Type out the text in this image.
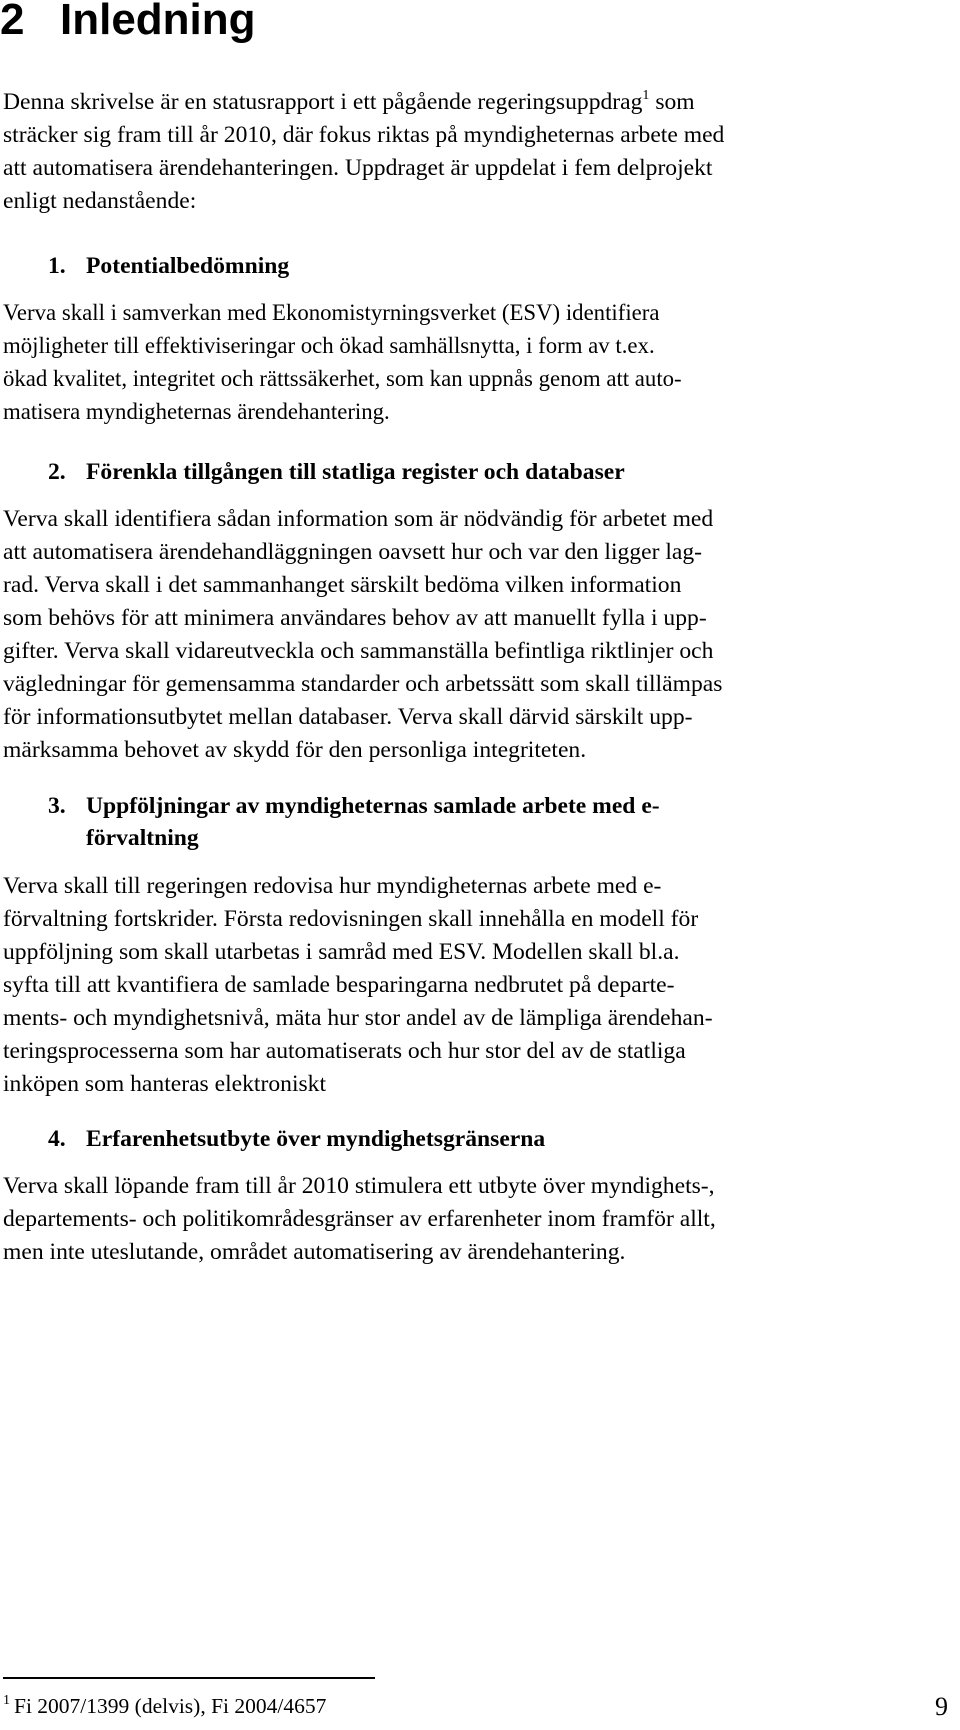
2 Inledning
Denna skrivelse är en statusrapport i ett pågående regeringsuppdrag$^1$ som
sträcker sig fram till år 2010, där fokus riktas på myndigheternas arbete med
att automatisera ärendehanteringen. Uppdraget är uppdelat i fem delprojekt
enligt nedanstående:
1. Potentialbedömning
Verva skall i samverkan med Ekonomistyrningsverket (ESV) identifiera
möjligheter till effektiviseringar och ökad samhällsnytta, i form av t.ex.
ökad kvalitet, integritet och rättssäkerhet, som kan uppnås genom att auto-
matisera myndigheternas ärendehantering.
2. Förenkla tillgången till statliga register och databaser
Verva skall identifiera sådan information som är nödvändig för arbetet med
att automatisera ärendehandläggningen oavsett hur och var den ligger lag-
rad. Verva skall i det sammanhanget särskilt bedöma vilken information
som behövs för att minimera användares behov av att manuellt fylla i upp-
gifter. Verva skall vidareutveckla och sammanställa befintliga riktlinjer och
vägledningar för gemensamma standarder och arbetssätt som skall tillämpas
för informationsutbytet mellan databaser. Verva skall därvid särskilt upp-
märksamma behovet av skydd för den personliga integriteten.
3. Uppföljningar av myndigheternas samlade arbete med e-
förvaltning
Verva skall till regeringen redovisa hur myndigheternas arbete med e-
förvaltning fortskrider. Första redovisningen skall innehålla en modell för
uppföljning som skall utarbetas i samråd med ESV. Modellen skall bl.a.
syfta till att kvantifiera de samlade besparingarna nedbrutet på departe-
ments- och myndighetsnivå, mäta hur stor andel av de lämpliga ärendehan-
teringsprocesserna som har automatiserats och hur stor del av de statliga
inköpen som hanteras elektroniskt
4. Erfarenhetsutbyte över myndighetsgränserna
Verva skall löpande fram till år 2010 stimulera ett utbyte över myndighets-,
departements- och politikområdesgränser av erfarenheter inom framför allt,
men inte uteslutande, området automatisering av ärendehantering.
$^1$ Fi 2007/1399 (delvis), Fi 2004/4657	9
